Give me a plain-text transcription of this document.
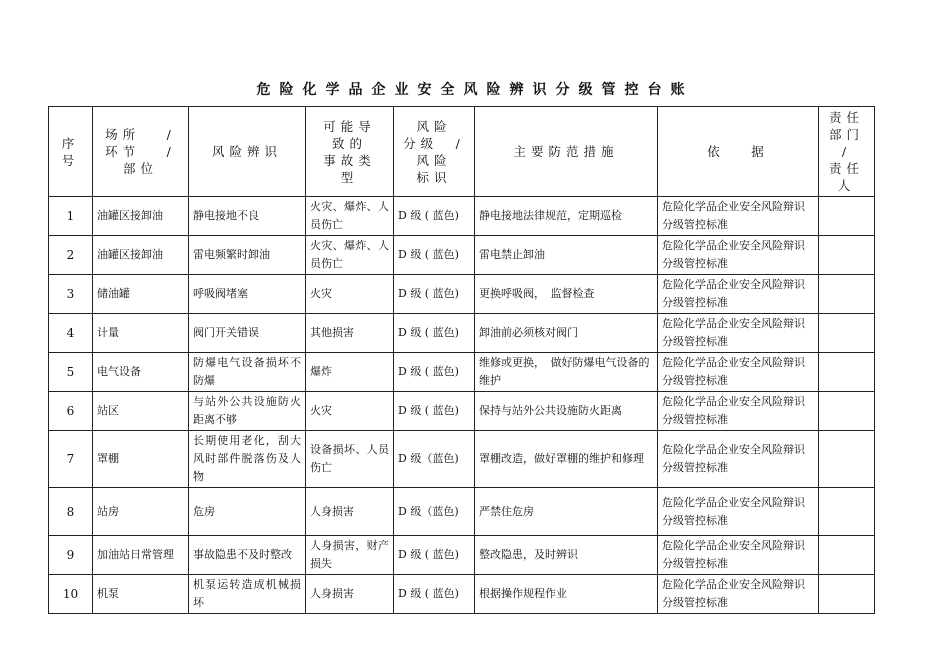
危险化学品企业安全风险辨识分级管控台账
序
号	场所　 /
环节　 /
部位	风险辨识	可能导
致的
事故类
型	风险
分级　/
风险
标识	主要防范措施	依　 据	责任
部门
/
责任
人
1	油罐区接卸油	静电接地不良	火灾、爆炸、人员伤亡	D 级 ( 蓝色)	静电接地法律规范，定期巡检	危险化学品企业安全风险辩识分级管控标准	
2	油罐区接卸油	雷电频繁时卸油	火灾、爆炸、人员伤亡	D 级 ( 蓝色)	雷电禁止卸油	危险化学品企业安全风险辩识分级管控标准	
3	储油罐	呼吸阀堵塞	火灾	D 级 ( 蓝色)	更换呼吸阀，　监督检查	危险化学品企业安全风险辩识分级管控标准	
4	计量	阀门开关错误	其他损害	D 级 ( 蓝色)	卸油前必须核对阀门	危险化学品企业安全风险辩识分级管控标准	
5	电气设备	防爆电气设备损坏不防爆	爆炸	D 级 ( 蓝色)	维修或更换，　做好防爆电气设备的维护	危险化学品企业安全风险辩识分级管控标准	
6	站区	与站外公共设施防火距离不够	火灾	D 级 ( 蓝色)	保持与站外公共设施防火距离	危险化学品企业安全风险辩识分级管控标准	
7	罩棚	长期使用老化，刮大风时部件脱落伤及人物	设备损坏、人员伤亡	D 级（蓝色)	罩棚改造，做好罩棚的维护和修理	危险化学品企业安全风险辩识分级管控标准	
8	站房	危房	人身损害	D 级（蓝色)	严禁住危房	危险化学品企业安全风险辩识分级管控标准	
9	加油站日常管理	事故隐患不及时整改	人身损害，财产损失	D 级 ( 蓝色)	整改隐患，及时辨识	危险化学品企业安全风险辩识分级管控标准	
10	机泵	机泵运转造成机械损坏	人身损害	D 级 ( 蓝色)	根据操作规程作业	危险化学品企业安全风险辩识分级管控标准	
